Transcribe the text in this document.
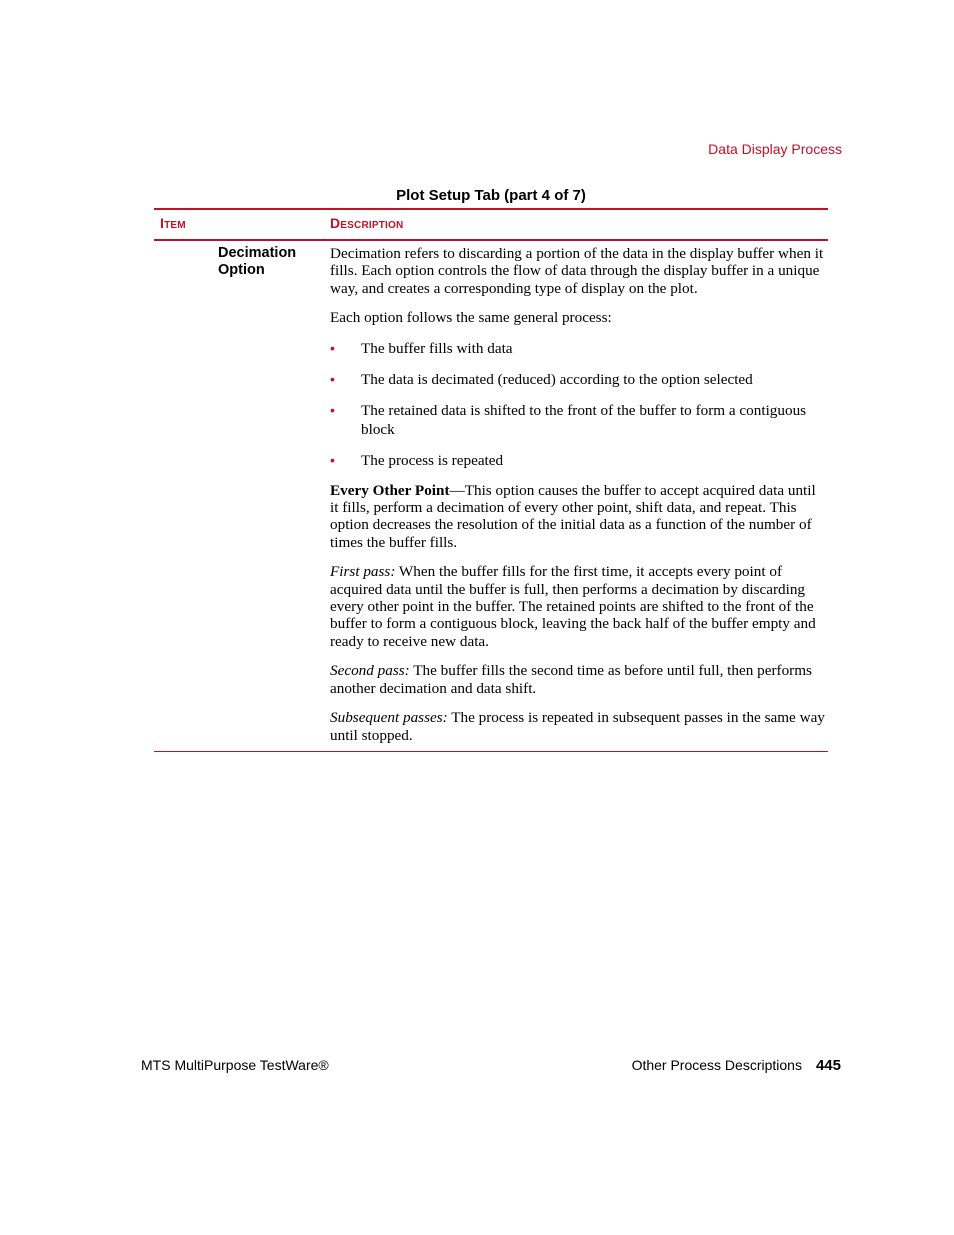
Data Display Process
Plot Setup Tab (part 4 of 7)
Item	Description
Decimation
Option

Decimation refers to discarding a portion of the data in the display buffer when it fills. Each option controls the flow of data through the display buffer in a unique way, and creates a corresponding type of display on the plot.

Each option follows the same general process:

• The buffer fills with data
• The data is decimated (reduced) according to the option selected
• The retained data is shifted to the front of the buffer to form a contiguous block
• The process is repeated

Every Other Point—This option causes the buffer to accept acquired data until it fills, perform a decimation of every other point, shift data, and repeat. This option decreases the resolution of the initial data as a function of the number of times the buffer fills.

First pass: When the buffer fills for the first time, it accepts every point of acquired data until the buffer is full, then performs a decimation by discarding every other point in the buffer. The retained points are shifted to the front of the buffer to form a contiguous block, leaving the back half of the buffer empty and ready to receive new data.

Second pass: The buffer fills the second time as before until full, then performs another decimation and data shift.

Subsequent passes: The process is repeated in subsequent passes in the same way until stopped.

MTS MultiPurpose TestWare®	Other Process Descriptions 445
